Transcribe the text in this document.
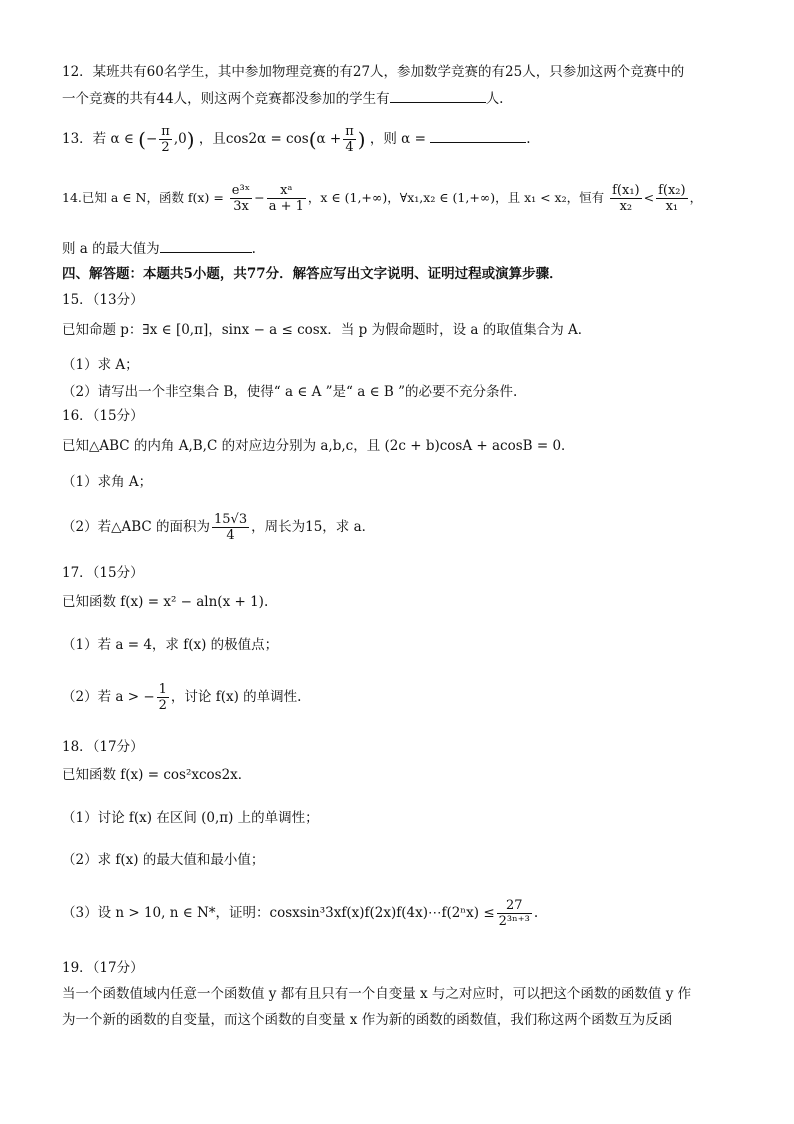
12．某班共有60名学生，其中参加物理竞赛的有27人，参加数学竞赛的有25人，只参加这两个竞赛中的
一个竞赛的共有44人，则这两个竞赛都没参加的学生有	人.
13．若 α ∈ (− $\frac{\pi}{2} ,0$) ，且$\cos 2\alpha = \cos(\alpha + \frac{\pi}{4}$ ) ，则 α =	.
14.已知 a ∈ N，函数 $f(x) = \frac{\text{e³ˣ}}{3x} - \frac{\text{xᵃ}}{a + 1}$ ，x ∈ (1,+∞)，∀x₁,x₂ ∈ (1,+∞)，且 x₁ < x₂，恒有 $\frac{\text{f(x₁)}}{\text{x₂}} < \frac{\text{f(x₂)}}{\text{x₁}}$ ，
则 a 的最大值为	.
四、解答题：本题共5小题，共77分．解答应写出文字说明、证明过程或演算步骤．
15．（13分）
已知命题 p：∃x ∈ [0,π]，sinx − a ≤ cosx．当 p 为假命题时，设 a 的取值集合为 A．
（1）求 A；
（2）请写出一个非空集合 B，使得“ a ∈ A ”是“ a ∈ B ”的必要不充分条件.
16．（15分）
已知△ABC 的内角 A,B,C 的对应边分别为 a,b,c，且 (2c + b)cosA + acosB = 0．
（1）求角 A；
（2）若△ABC 的面积为 $\frac{15√3}{4}$ ，周长为15，求 a．
17．（15分）
已知函数 f(x) = x² − aln(x + 1).
（1）若 a = 4，求 f(x) 的极值点；
（2）若 a > − $\frac{1}{2}$ ，讨论 f(x) 的单调性.
18．（17分）
已知函数 f(x) = cos²xcos2x．
（1）讨论 f(x) 在区间 (0,π) 上的单调性；
（2）求 f(x) 的最大值和最小值；
（3）设 n > 10, n ∈ N*，证明：cosxsin³3xf(x)f(2x)f(4x)⋯f(2ⁿx) ≤ $\frac{27}{\text{2³ⁿ⁺³}}$ .
19．（17分）
当一个函数值域内任意一个函数值 y 都有且只有一个自变量 x 与之对应时，可以把这个函数的函数值 y 作
为一个新的函数的自变量，而这个函数的自变量 x 作为新的函数的函数值，我们称这两个函数互为反函
